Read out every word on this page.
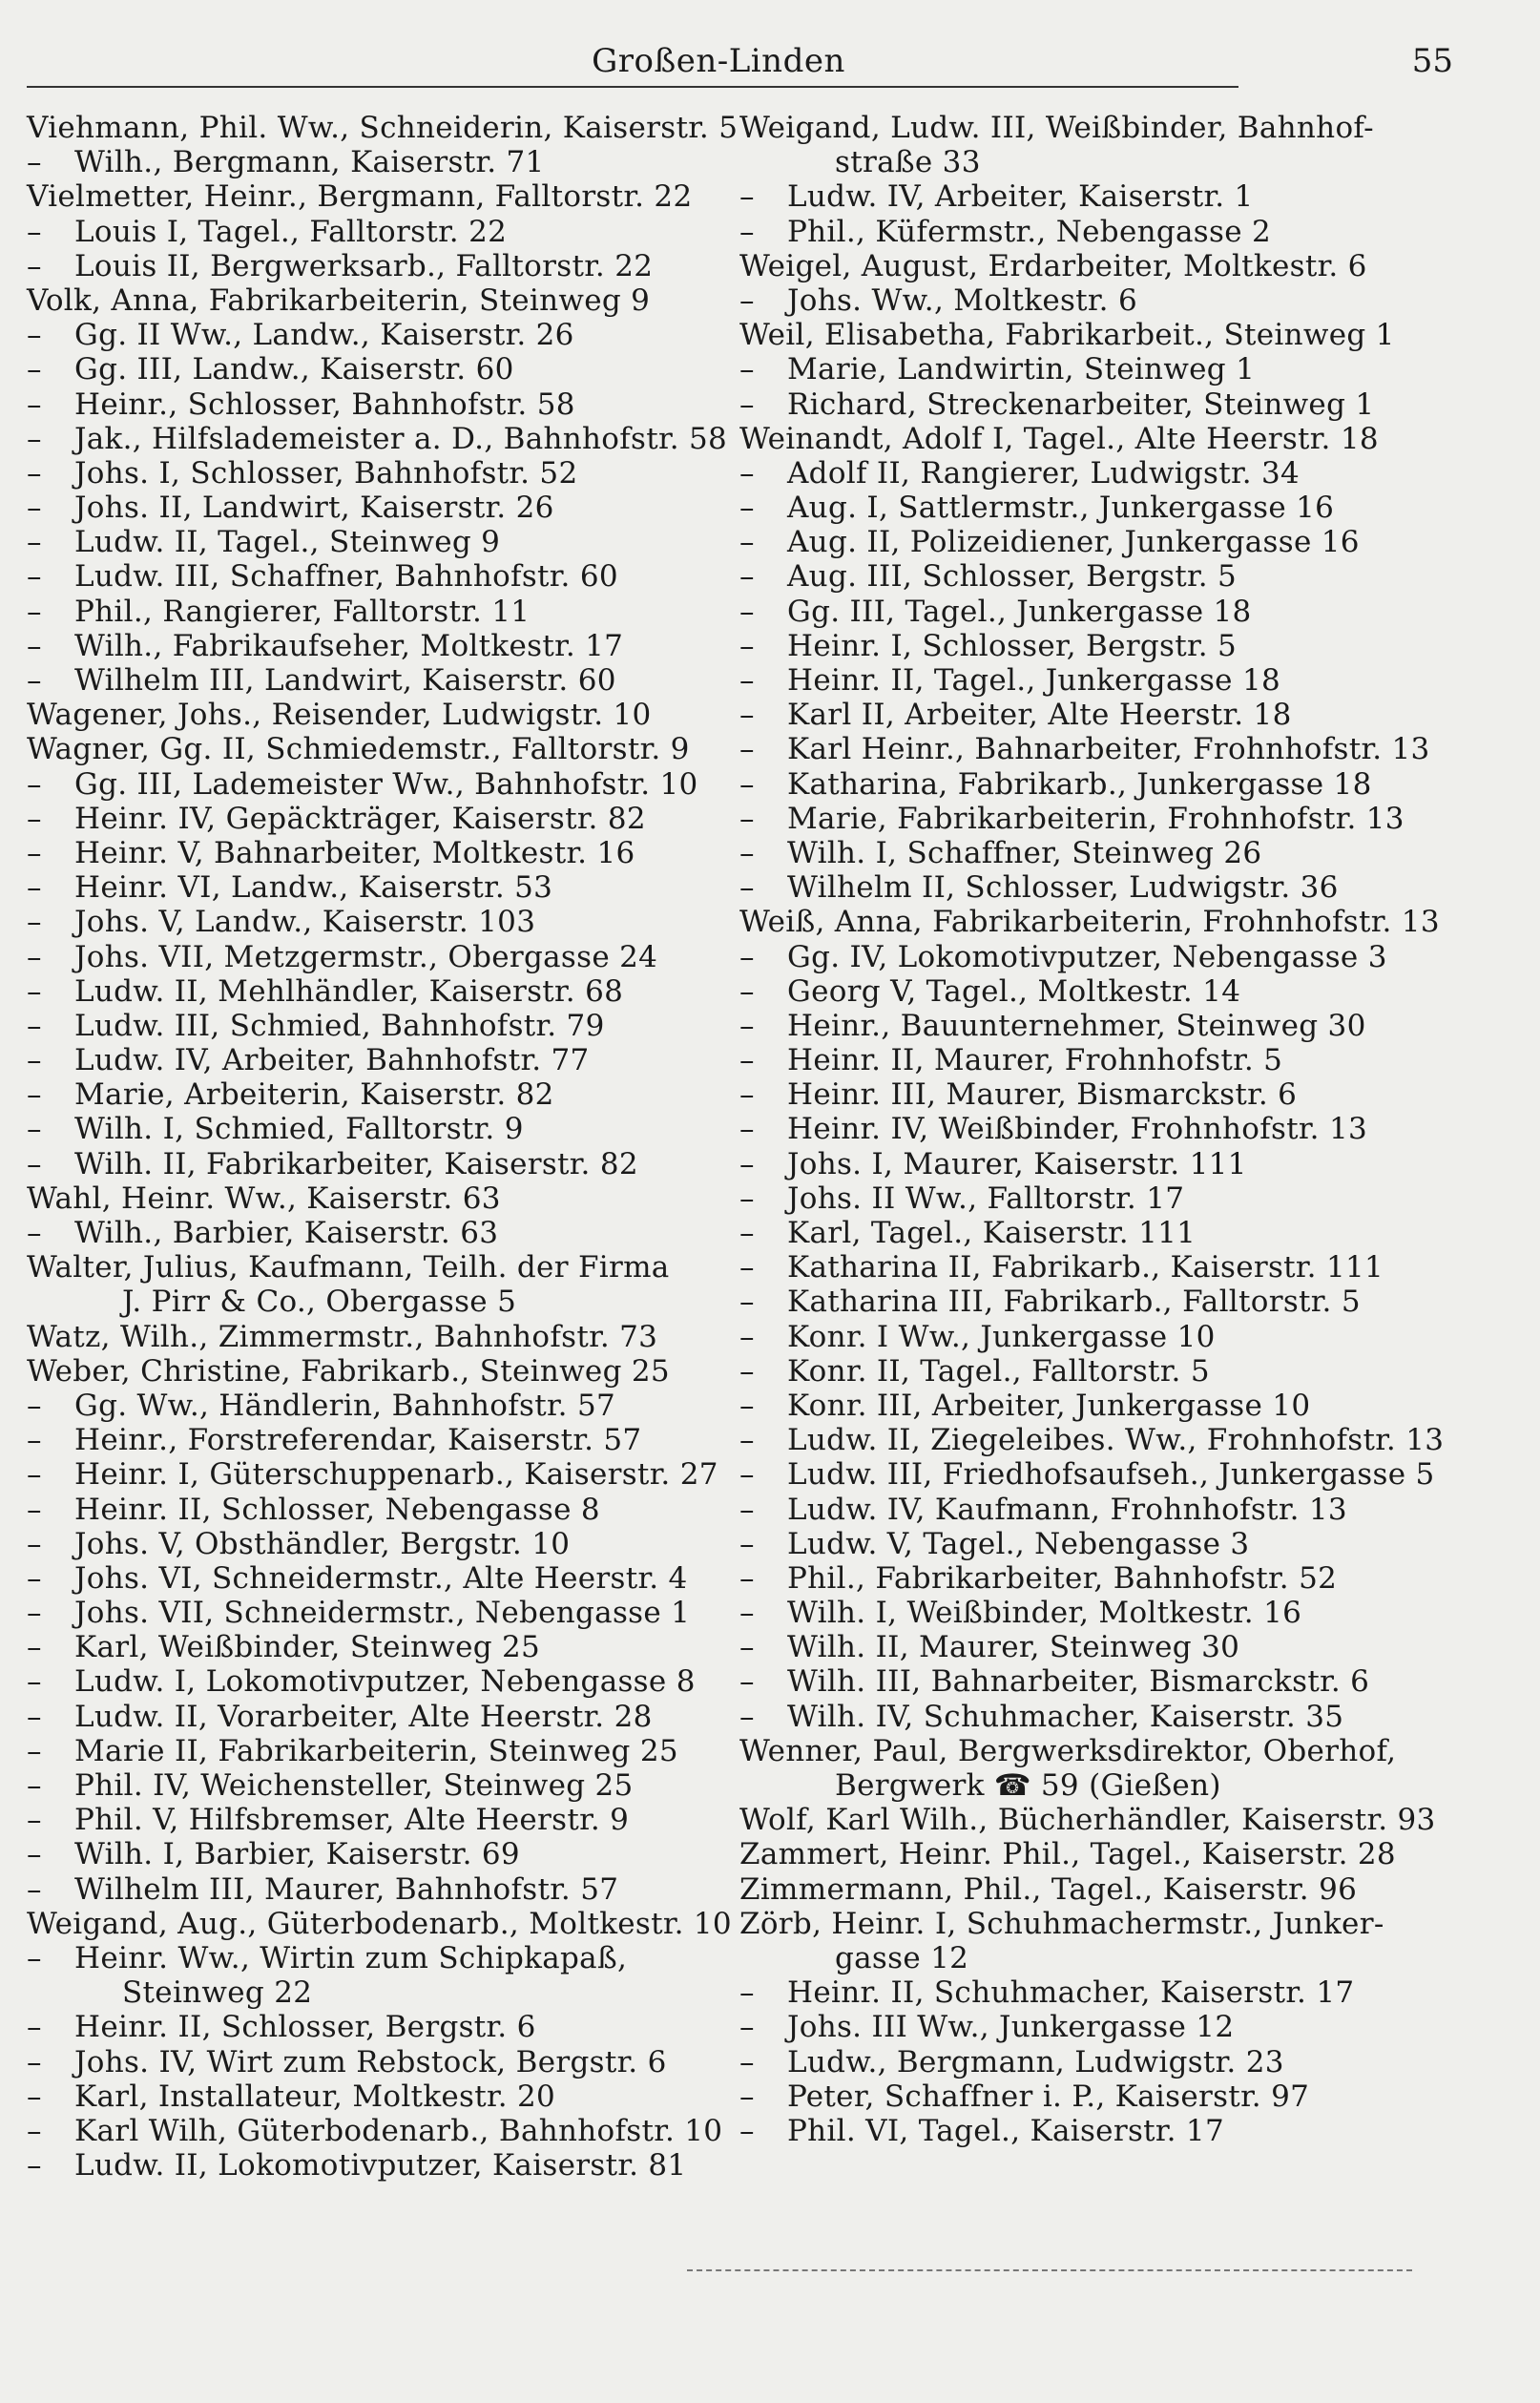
Großen-Linden	55
Viehmann, Phil. Ww., Schneiderin, Kaiserstr. 5
– Wilh., Bergmann, Kaiserstr. 71
Vielmetter, Heinr., Bergmann, Falltorstr. 22
– Louis I, Tagel., Falltorstr. 22
– Louis II, Bergwerksarb., Falltorstr. 22
Volk, Anna, Fabrikarbeiterin, Steinweg 9
– Gg. II Ww., Landw., Kaiserstr. 26
– Gg. III, Landw., Kaiserstr. 60
– Heinr., Schlosser, Bahnhofstr. 58
– Jak., Hilfslademeister a. D., Bahnhofstr. 58
– Johs. I, Schlosser, Bahnhofstr. 52
– Johs. II, Landwirt, Kaiserstr. 26
– Ludw. II, Tagel., Steinweg 9
– Ludw. III, Schaffner, Bahnhofstr. 60
– Phil., Rangierer, Falltorstr. 11
– Wilh., Fabrikaufseher, Moltkestr. 17
– Wilhelm III, Landwirt, Kaiserstr. 60
Wagener, Johs., Reisender, Ludwigstr. 10
Wagner, Gg. II, Schmiedemstr., Falltorstr. 9
– Gg. III, Lademeister Ww., Bahnhofstr. 10
– Heinr. IV, Gepäckträger, Kaiserstr. 82
– Heinr. V, Bahnarbeiter, Moltkestr. 16
– Heinr. VI, Landw., Kaiserstr. 53
– Johs. V, Landw., Kaiserstr. 103
– Johs. VII, Metzgermstr., Obergasse 24
– Ludw. II, Mehlhändler, Kaiserstr. 68
– Ludw. III, Schmied, Bahnhofstr. 79
– Ludw. IV, Arbeiter, Bahnhofstr. 77
– Marie, Arbeiterin, Kaiserstr. 82
– Wilh. I, Schmied, Falltorstr. 9
– Wilh. II, Fabrikarbeiter, Kaiserstr. 82
Wahl, Heinr. Ww., Kaiserstr. 63
– Wilh., Barbier, Kaiserstr. 63
Walter, Julius, Kaufmann, Teilh. der Firma
J. Pirr & Co., Obergasse 5
Watz, Wilh., Zimmermstr., Bahnhofstr. 73
Weber, Christine, Fabrikarb., Steinweg 25
– Gg. Ww., Händlerin, Bahnhofstr. 57
– Heinr., Forstreferendar, Kaiserstr. 57
– Heinr. I, Güterschuppenarb., Kaiserstr. 27
– Heinr. II, Schlosser, Nebengasse 8
– Johs. V, Obsthändler, Bergstr. 10
– Johs. VI, Schneidermstr., Alte Heerstr. 4
– Johs. VII, Schneidermstr., Nebengasse 1
– Karl, Weißbinder, Steinweg 25
– Ludw. I, Lokomotivputzer, Nebengasse 8
– Ludw. II, Vorarbeiter, Alte Heerstr. 28
– Marie II, Fabrikarbeiterin, Steinweg 25
– Phil. IV, Weichensteller, Steinweg 25
– Phil. V, Hilfsbremser, Alte Heerstr. 9
– Wilh. I, Barbier, Kaiserstr. 69
– Wilhelm III, Maurer, Bahnhofstr. 57
Weigand, Aug., Güterbodenarb., Moltkestr. 10
– Heinr. Ww., Wirtin zum Schipkapaß,
Steinweg 22
– Heinr. II, Schlosser, Bergstr. 6
– Johs. IV, Wirt zum Rebstock, Bergstr. 6
– Karl, Installateur, Moltkestr. 20
– Karl Wilh, Güterbodenarb., Bahnhofstr. 10
– Ludw. II, Lokomotivputzer, Kaiserstr. 81
Weigand, Ludw. III, Weißbinder, Bahnhof-
straße 33
– Ludw. IV, Arbeiter, Kaiserstr. 1
– Phil., Küfermstr., Nebengasse 2
Weigel, August, Erdarbeiter, Moltkestr. 6
– Johs. Ww., Moltkestr. 6
Weil, Elisabetha, Fabrikarbeit., Steinweg 1
– Marie, Landwirtin, Steinweg 1
– Richard, Streckenarbeiter, Steinweg 1
Weinandt, Adolf I, Tagel., Alte Heerstr. 18
– Adolf II, Rangierer, Ludwigstr. 34
– Aug. I, Sattlermstr., Junkergasse 16
– Aug. II, Polizeidiener, Junkergasse 16
– Aug. III, Schlosser, Bergstr. 5
– Gg. III, Tagel., Junkergasse 18
– Heinr. I, Schlosser, Bergstr. 5
– Heinr. II, Tagel., Junkergasse 18
– Karl II, Arbeiter, Alte Heerstr. 18
– Karl Heinr., Bahnarbeiter, Frohnhofstr. 13
– Katharina, Fabrikarb., Junkergasse 18
– Marie, Fabrikarbeiterin, Frohnhofstr. 13
– Wilh. I, Schaffner, Steinweg 26
– Wilhelm II, Schlosser, Ludwigstr. 36
Weiß, Anna, Fabrikarbeiterin, Frohnhofstr. 13
– Gg. IV, Lokomotivputzer, Nebengasse 3
– Georg V, Tagel., Moltkestr. 14
– Heinr., Bauunternehmer, Steinweg 30
– Heinr. II, Maurer, Frohnhofstr. 5
– Heinr. III, Maurer, Bismarckstr. 6
– Heinr. IV, Weißbinder, Frohnhofstr. 13
– Johs. I, Maurer, Kaiserstr. 111
– Johs. II Ww., Falltorstr. 17
– Karl, Tagel., Kaiserstr. 111
– Katharina II, Fabrikarb., Kaiserstr. 111
– Katharina III, Fabrikarb., Falltorstr. 5
– Konr. I Ww., Junkergasse 10
– Konr. II, Tagel., Falltorstr. 5
– Konr. III, Arbeiter, Junkergasse 10
– Ludw. II, Ziegeleibes. Ww., Frohnhofstr. 13
– Ludw. III, Friedhofsaufseh., Junkergasse 5
– Ludw. IV, Kaufmann, Frohnhofstr. 13
– Ludw. V, Tagel., Nebengasse 3
– Phil., Fabrikarbeiter, Bahnhofstr. 52
– Wilh. I, Weißbinder, Moltkestr. 16
– Wilh. II, Maurer, Steinweg 30
– Wilh. III, Bahnarbeiter, Bismarckstr. 6
– Wilh. IV, Schuhmacher, Kaiserstr. 35
Wenner, Paul, Bergwerksdirektor, Oberhof,
Bergwerk ☎ 59 (Gießen)
Wolf, Karl Wilh., Bücherhändler, Kaiserstr. 93
Zammert, Heinr. Phil., Tagel., Kaiserstr. 28
Zimmermann, Phil., Tagel., Kaiserstr. 96
Zörb, Heinr. I, Schuhmachermstr., Junker-
gasse 12
– Heinr. II, Schuhmacher, Kaiserstr. 17
– Johs. III Ww., Junkergasse 12
– Ludw., Bergmann, Ludwigstr. 23
– Peter, Schaffner i. P., Kaiserstr. 97
– Phil. VI, Tagel., Kaiserstr. 17
